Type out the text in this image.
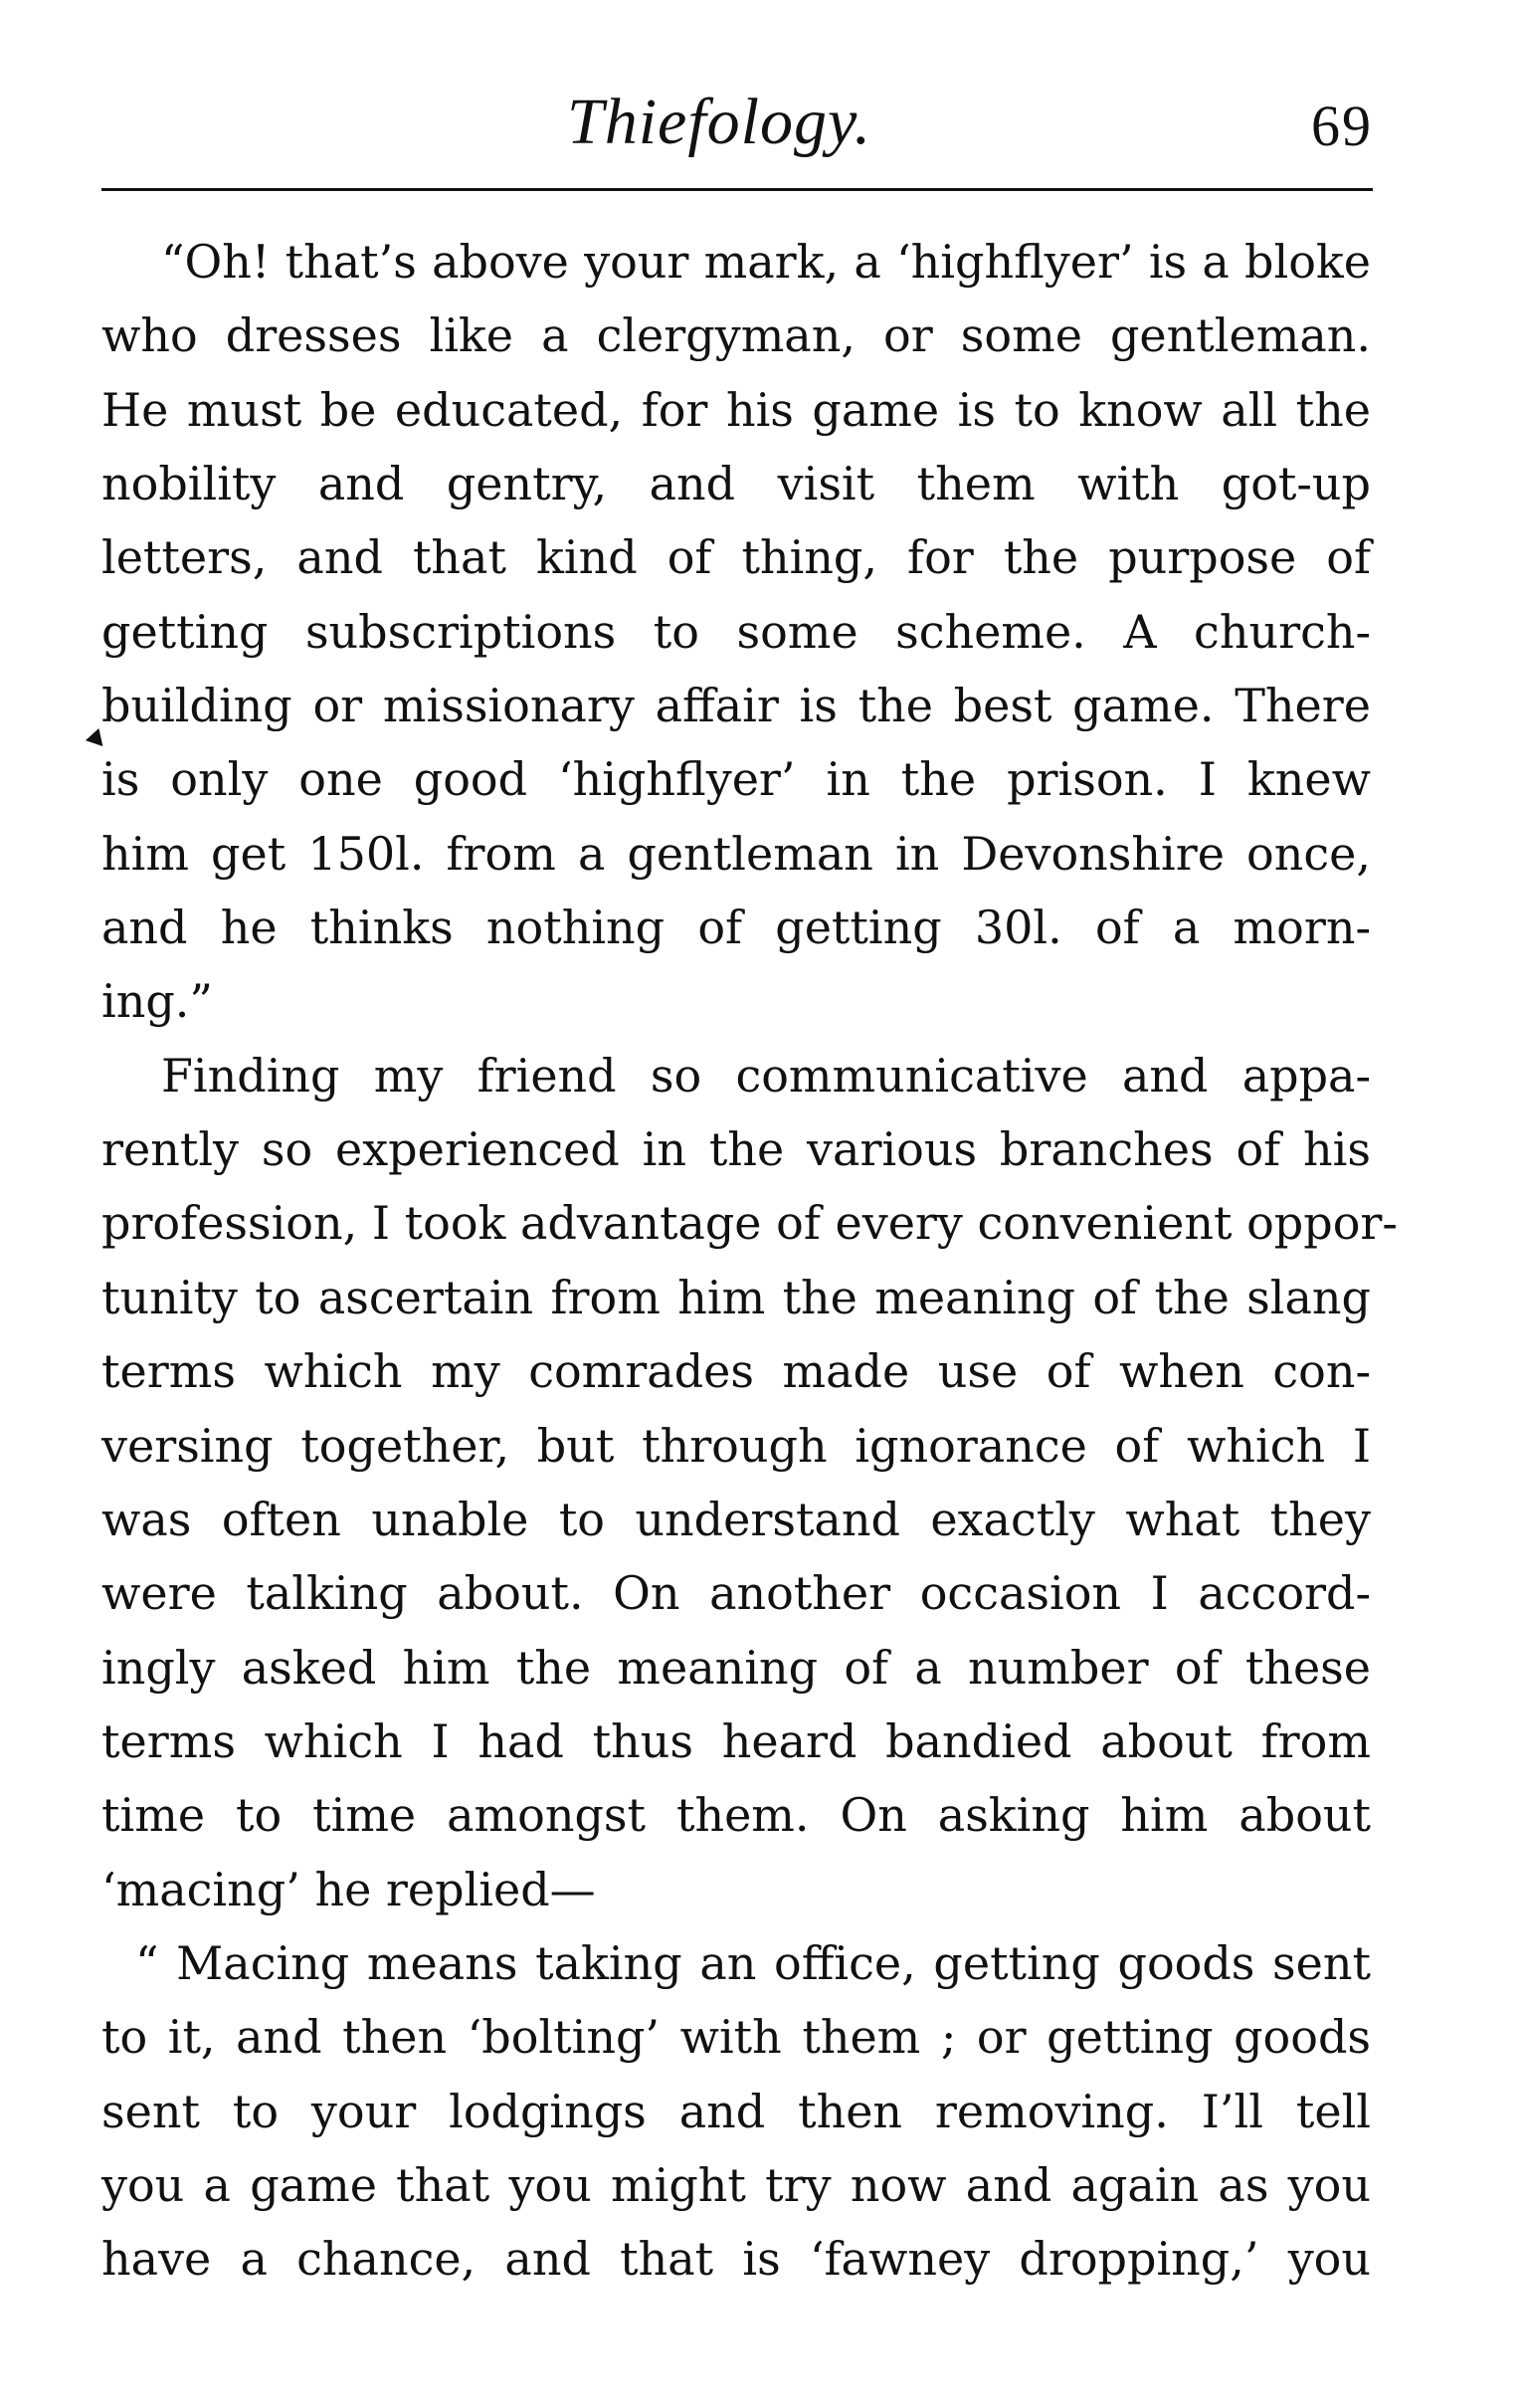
Thiefology.	69
“Oh! that’s above your mark, a ‘highflyer’ is a bloke
who dresses like a clergyman, or some gentleman.
He must be educated, for his game is to know all the
nobility and gentry, and visit them with got-up
letters, and that kind of thing, for the purpose of
getting subscriptions to some scheme. A church-
building or missionary affair is the best game. There
is only one good ‘highflyer’ in the prison. I knew
him get 150l. from a gentleman in Devonshire once,
and he thinks nothing of getting 30l. of a morn-
ing.”
Finding my friend so communicative and appa-
rently so experienced in the various branches of his
profession, I took advantage of every convenient oppor-
tunity to ascertain from him the meaning of the slang
terms which my comrades made use of when con-
versing together, but through ignorance of which I
was often unable to understand exactly what they
were talking about. On another occasion I accord-
ingly asked him the meaning of a number of these
terms which I had thus heard bandied about from
time to time amongst them. On asking him about
‘macing’ he replied—
“ Macing means taking an office, getting goods sent
to it, and then ‘bolting’ with them ; or getting goods
sent to your lodgings and then removing. I’ll tell
you a game that you might try now and again as you
have a chance, and that is ‘fawney dropping,’ you
